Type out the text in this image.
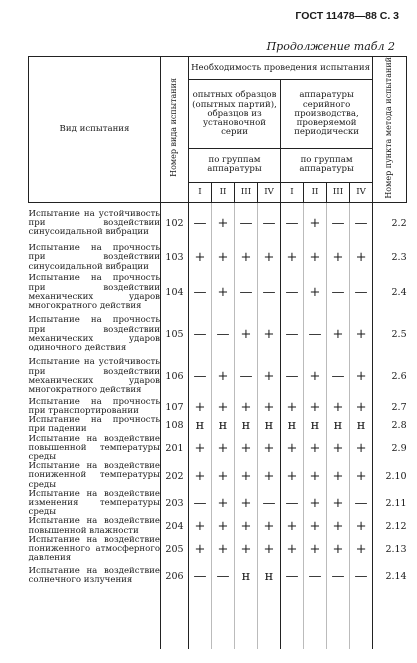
ГОСТ 11478—88 С. 3
Продолжение табл 2
Вид испытания	Номер вида испытания	Необходимость проведения испытания								Номер пункта метода испытаний
		опытных образцов (опытных партий), образцов из установочной серии				аппаратуры серийного производства, проверяемой периодически				
		по группам аппаратуры				по группам аппаратуры				
		I	II	III	IV	I	II	III	IV	
Испытание на устойчивость при воздействии синусоидальной вибрации	102	—	+	—	—	—	+	—	—	2.2
Испытание на прочность при воздействии синусоидальной вибрации	103	+	+	+	+	+	+	+	+	2.3
Испытание на прочность при воздействии механических ударов многократного действия	104	—	+	—	—	—	+	—	—	2.4
Испытание на прочность при воздействии механических ударов одиночного действия	105	—	—	+	+	—	—	+	+	2.5
Испытание на устойчивость при воздействии механических ударов многократного действия	106	—	+	—	+	—	+	—	+	2.6
Испытание на прочность при транспортировании	107	+	+	+	+	+	+	+	+	2.7
Испытание на прочность при падении	108	н	н	н	н	н	н	н	н	2.8
Испытание на воздействие повышенной температуры среды	201	+	+	+	+	+	+	+	+	2.9
Испытание на воздействие пониженной температуры среды	202	+	+	+	+	+	+	+	+	2.10
Испытание на воздействие изменения температуры среды	203	—	+	+	—	—	+	+	—	2.11
Испытание на воздействие повышенной влажности	204	+	+	+	+	+	+	+	+	2.12
Испытание на воздействие пониженного атмосферного давления	205	+	+	+	+	+	+	+	+	2.13
Испытание на воздействие солнечного излучения	206	—	—	н	н	—	—	—	—	2.14
